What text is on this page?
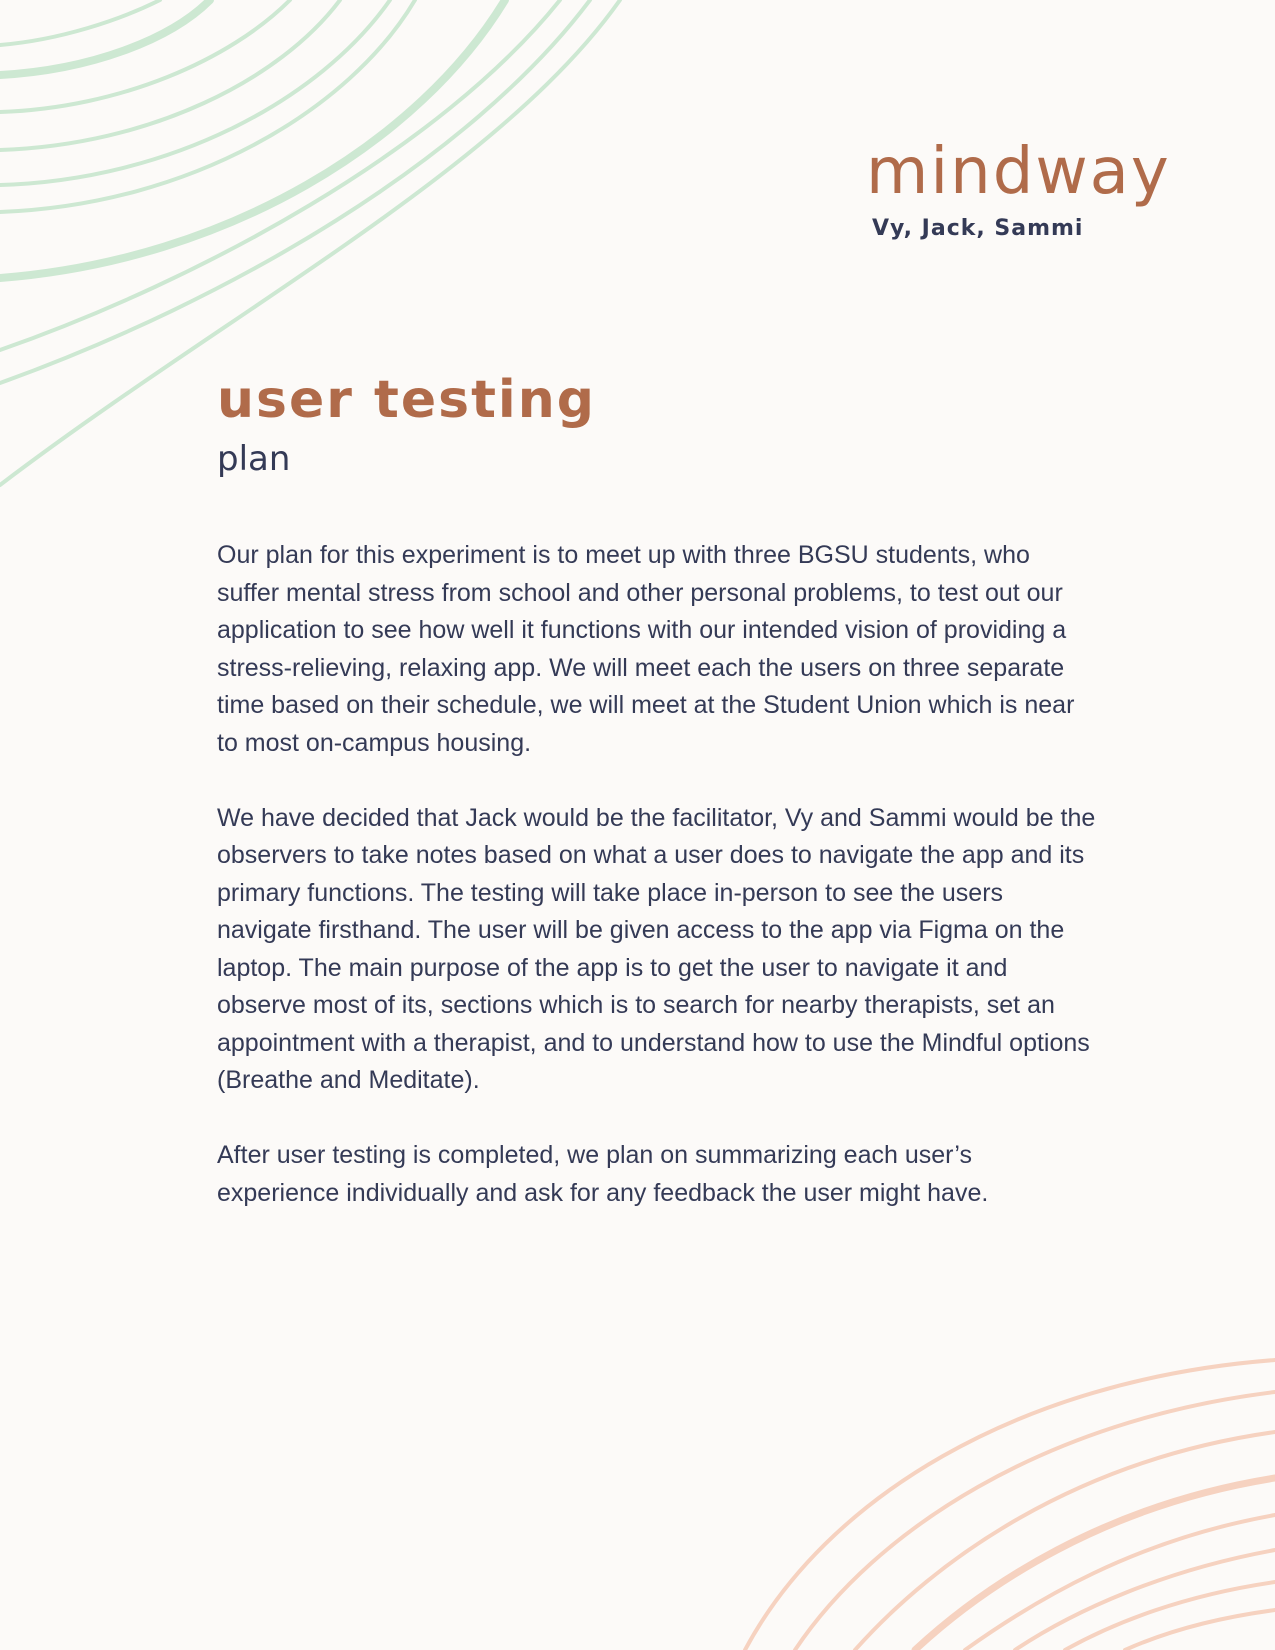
mindway
Vy, Jack, Sammi
user testing
plan

Our plan for this experiment is to meet up with three BGSU students, who suffer mental stress from school and other personal problems, to test out our application to see how well it functions with our intended vision of providing a stress-relieving, relaxing app. We will meet each the users on three separate time based on their schedule, we will meet at the Student Union which is near to most on-campus housing.

We have decided that Jack would be the facilitator, Vy and Sammi would be the observers to take notes based on what a user does to navigate the app and its primary functions. The testing will take place in-person to see the users navigate firsthand. The user will be given access to the app via Figma on the laptop. The main purpose of the app is to get the user to navigate it and observe most of its, sections which is to search for nearby therapists, set an appointment with a therapist, and to understand how to use the Mindful options (Breathe and Meditate).

After user testing is completed, we plan on summarizing each user’s experience individually and ask for any feedback the user might have.
